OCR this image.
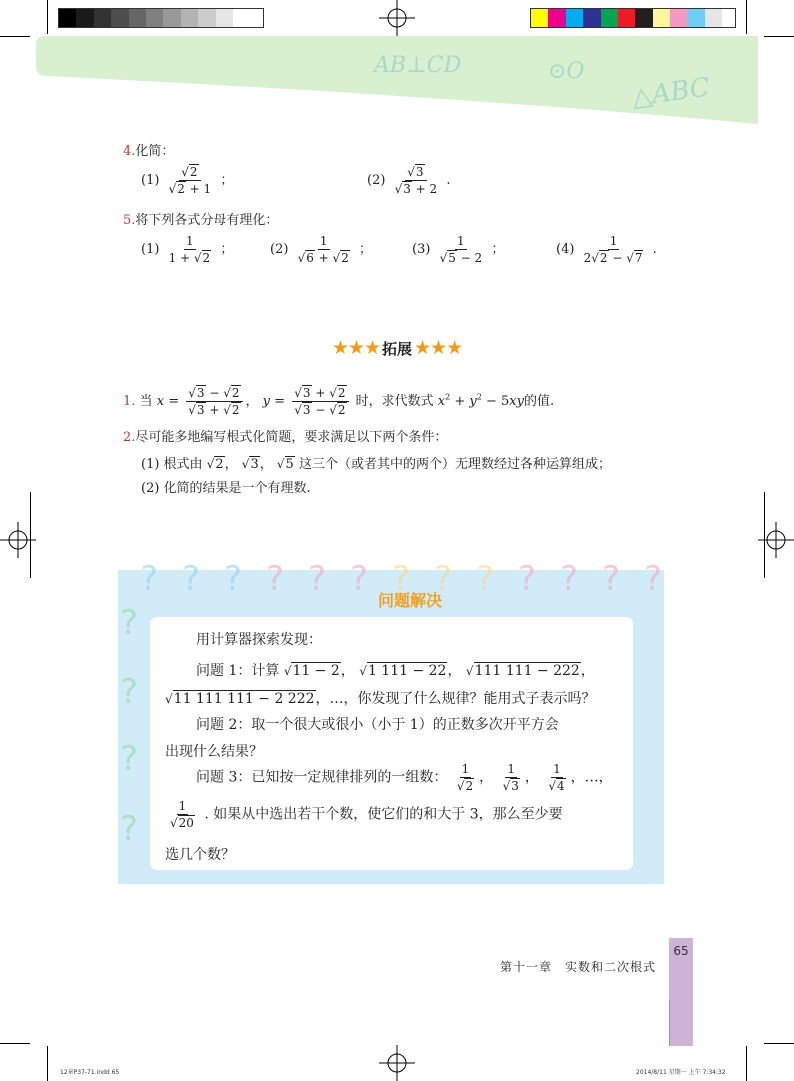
AB⊥CD	⊙O
△ABC
4.化简：
$(1) \frac{√2}{√2 + 1}$ ；	$(2) \frac{√3}{√3 + 2}$ .
5.将下列各式分母有理化：
$(1) \frac{1}{1 + √2}$ ；	$(2) \frac{1}{√6 + √2}$ ；	$(3) \frac{1}{√5 - 2}$ ；	$(4) \frac{1}{2√2 - √7}$ .
★★★ 拓展 ★★★
1. 当 $x = \frac{√3 - √2}{√3 + √2}$ ， $y = \frac{√3 + √2}{√3 - √2}$ 时，求代数式 $x^2 + y^2 - 5xy$的值.
2.尽可能多地编写根式化简题，要求满足以下两个条件：
(1) 根式由 √2， √3， √5 这三个（或者其中的两个）无理数经过各种运算组成；
(2) 化简的结果是一个有理数.
? ? ? ? ? ? ? ? ? ? ? ? ?
?
?
?
?
问题解决
用计算器探索发现：
问题 1：计算 √11 − 2， √1 111 − 22， √111 111 − 222，
√11 111 111 − 2 222，…，你发现了什么规律？能用式子表示吗？
问题 2：取一个很大或很小（小于 1）的正数多次开平方会
出现什么结果？
问题 3：已知按一定规律排列的一组数： $\frac{1}{√2}$ ， $\frac{1}{√3}$ ， $\frac{1}{√4}$ ，…，
$\frac{1}{√20}$ . 如果从中选出若干个数，使它们的和大于 3，那么至少要
选几个数？
第十一章　实数和二次根式
65
12章P37-71.indd 65	2014/8/11 星期一 上午 7:34:32
